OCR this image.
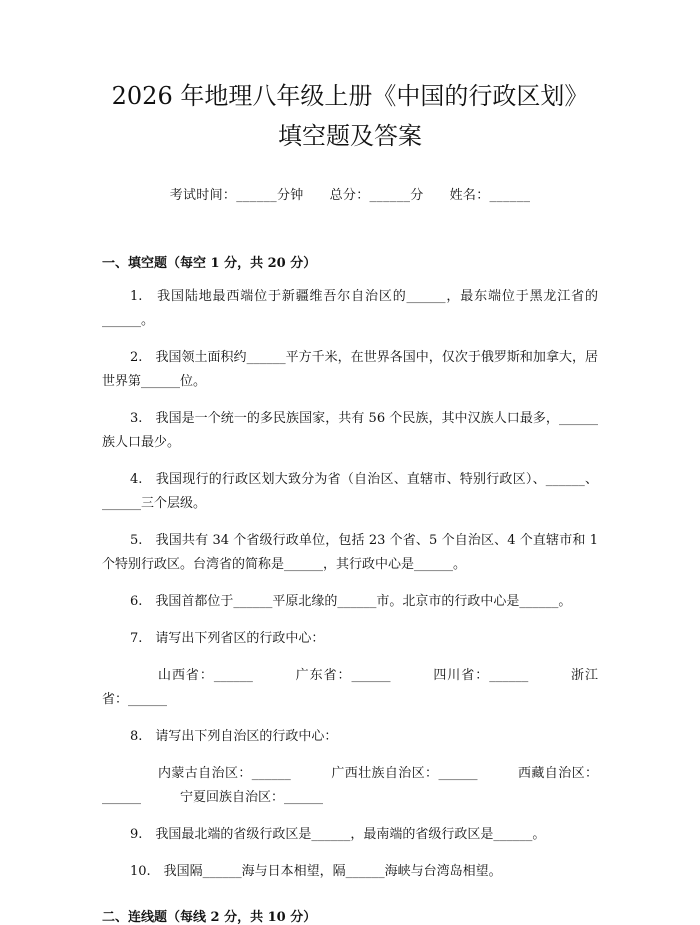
2026 年地理八年级上册《中国的行政区划》
填空题及答案
考试时间：______分钟 总分：______分 姓名：______
一、填空题（每空 1 分，共 20 分）

1.　我国陆地最西端位于新疆维吾尔自治区的______，最东端位于黑龙江省的______。

2.　我国领土面积约______平方千米，在世界各国中，仅次于俄罗斯和加拿大，居世界第______位。

3.　我国是一个统一的多民族国家，共有 56 个民族，其中汉族人口最多，______族人口最少。

4.　我国现行的行政区划大致分为省（自治区、直辖市、特别行政区）、______、______三个层级。

5.　我国共有 34 个省级行政单位，包括 23 个省、5 个自治区、4 个直辖市和 1 个特别行政区。台湾省的简称是______，其行政中心是______。

6.　我国首都位于______平原北缘的______市。北京市的行政中心是______。

7.　请写出下列省区的行政中心：

山西省：______　　　广东省：______　　　四川省：______　　　浙江省：______

8.　请写出下列自治区的行政中心：

内蒙古自治区：______　　　广西壮族自治区：______　　　西藏自治区：______　　　宁夏回族自治区：______

9.　我国最北端的省级行政区是______，最南端的省级行政区是______。

10.　我国隔______海与日本相望，隔______海峡与台湾岛相望。

二、连线题（每线 2 分，共 10 分）
